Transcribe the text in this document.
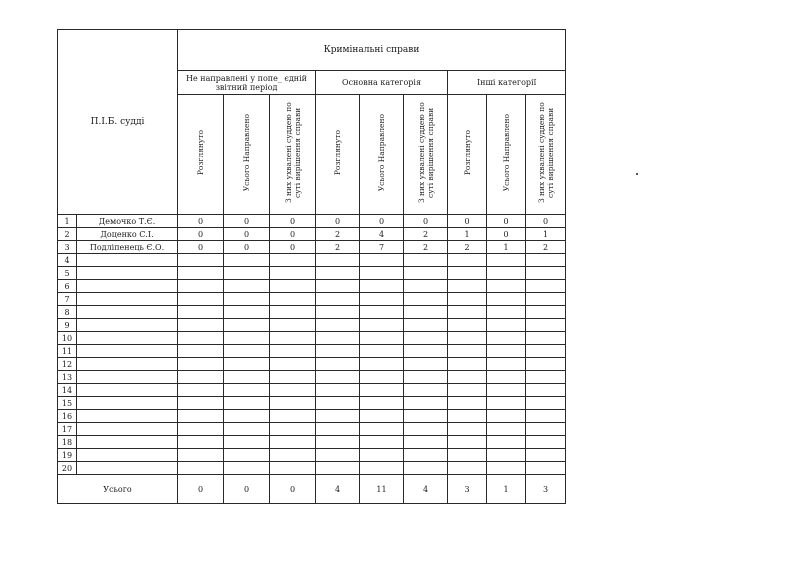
П.І.Б. судді		Кримінальні справи								
		Не направлені у попе_ єдній звітний період			Основна категорія			Інші категорії		
		Розглянуто	Усього Направлено	З них ухвалені суддею по суті вирішення справи	Розглянуто	Усього Направлено	З них ухвалені суддею по суті вирішення справи	Розглянуто	Усього Направлено	З них ухвалені суддею по суті вирішення справи
1	Демочко Т.Є.	0	0	0	0	0	0	0	0	0
2	Доценко С.І.	0	0	0	2	4	2	1	0	1
3	Подліпенець Є.О.	0	0	0	2	7	2	2	1	2
4										
5										
6										
7										
8										
9										
10										
11										
12										
13										
14										
15										
16										
17										
18										
19										
20										
Усього		0	0	0	4	11	4	3	1	3
